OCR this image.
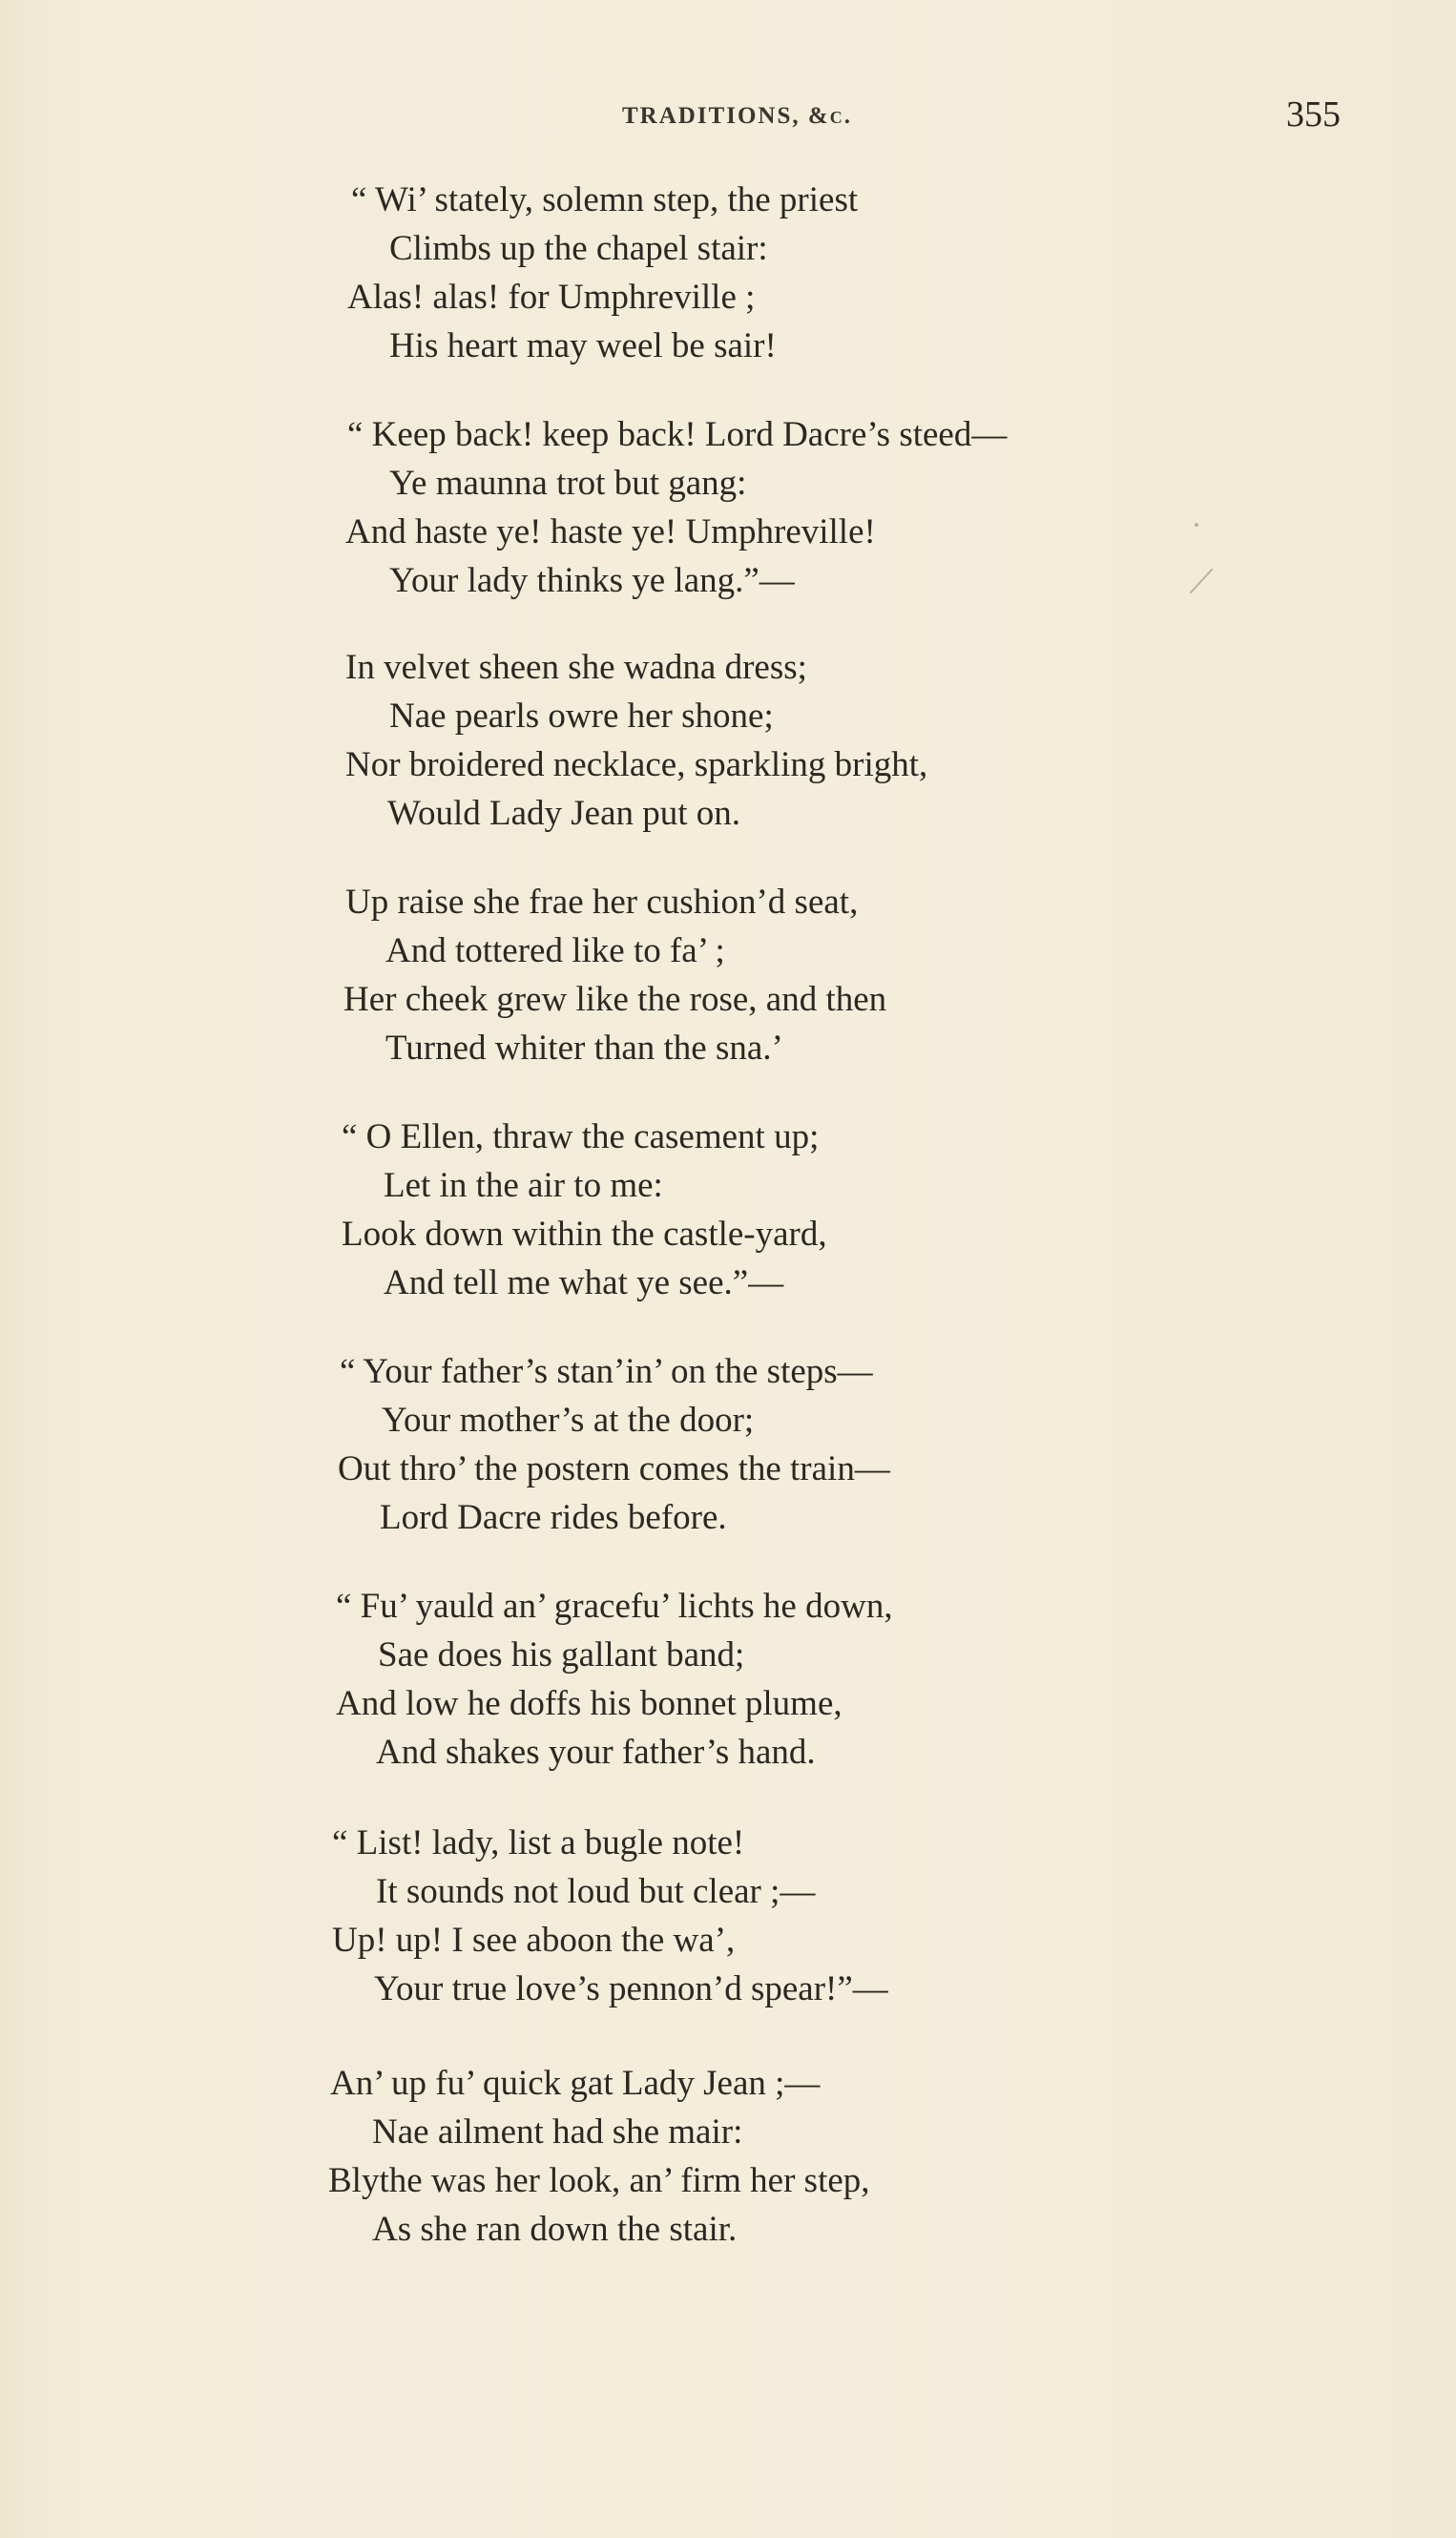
TRADITIONS, &c.	355
“ Wi’ stately, solemn step, the priest
Climbs up the chapel stair:
Alas! alas! for Umphreville ;
His heart may weel be sair!
“ Keep back! keep back! Lord Dacre’s steed—
Ye maunna trot but gang:
And haste ye! haste ye! Umphreville!
Your lady thinks ye lang.”—
In velvet sheen she wadna dress;
Nae pearls owre her shone;
Nor broidered necklace, sparkling bright,
Would Lady Jean put on.
Up raise she frae her cushion’d seat,
And tottered like to fa’ ;
Her cheek grew like the rose, and then
Turned whiter than the sna.’
“ O Ellen, thraw the casement up;
Let in the air to me:
Look down within the castle-yard,
And tell me what ye see.”—
“ Your father’s stan’in’ on the steps—
Your mother’s at the door;
Out thro’ the postern comes the train—
Lord Dacre rides before.
“ Fu’ yauld an’ gracefu’ lichts he down,
Sae does his gallant band;
And low he doffs his bonnet plume,
And shakes your father’s hand.
“ List! lady, list a bugle note!
It sounds not loud but clear ;—
Up! up! I see aboon the wa’,
Your true love’s pennon’d spear!”—
An’ up fu’ quick gat Lady Jean ;—
Nae ailment had she mair:
Blythe was her look, an’ firm her step,
As she ran down the stair.
